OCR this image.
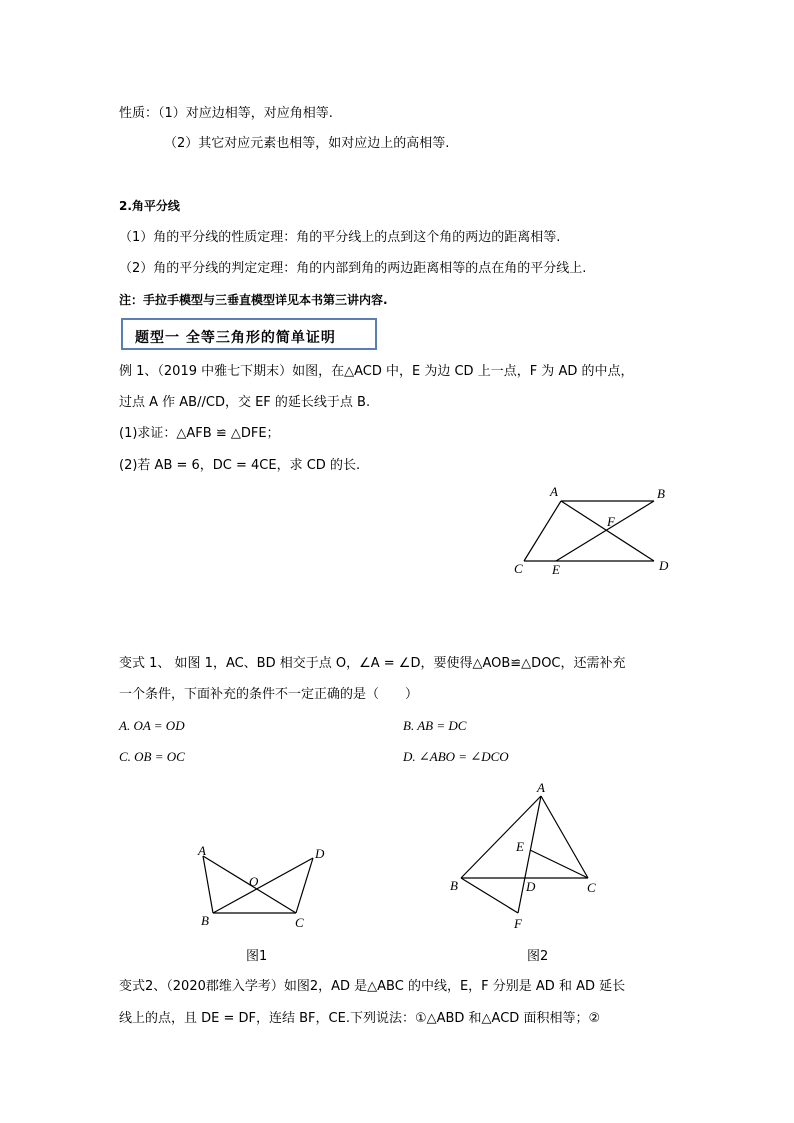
性质：（1）对应边相等，对应角相等.
（2）其它对应元素也相等，如对应边上的高相等.
2.角平分线
（1）角的平分线的性质定理：角的平分线上的点到这个角的两边的距离相等.
（2）角的平分线的判定定理：角的内部到角的两边距离相等的点在角的平分线上.
注：手拉手模型与三垂直模型详见本书第三讲内容.
题型一 全等三角形的简单证明
例 1、（2019 中雅七下期末）如图，在△ACD 中，E 为边 CD 上一点，F 为 AD 的中点，
过点 A 作 AB//CD，交 EF 的延长线于点 B.
(1)求证：△AFB ≌ △DFE；
(2)若 AB = 6，DC = 4CE，求 CD 的长.
A	B
C	D
E
F
变式 1、 如图 1，AC、BD 相交于点 O，∠A = ∠D，要使得△AOB≌△DOC，还需补充
一个条件，下面补充的条件不一定正确的是（　　）
A. OA = OD	B. AB = DC
C. OB = OC	D. ∠ABO = ∠DCO
A
B	C
D
O
图1
A
B	C
D
E
F
图2
变式2、（2020郡维入学考）如图2，AD 是△ABC 的中线，E，F 分别是 AD 和 AD 延长
线上的点，且 DE = DF，连结 BF，CE.下列说法：①△ABD 和△ACD 面积相等；②
